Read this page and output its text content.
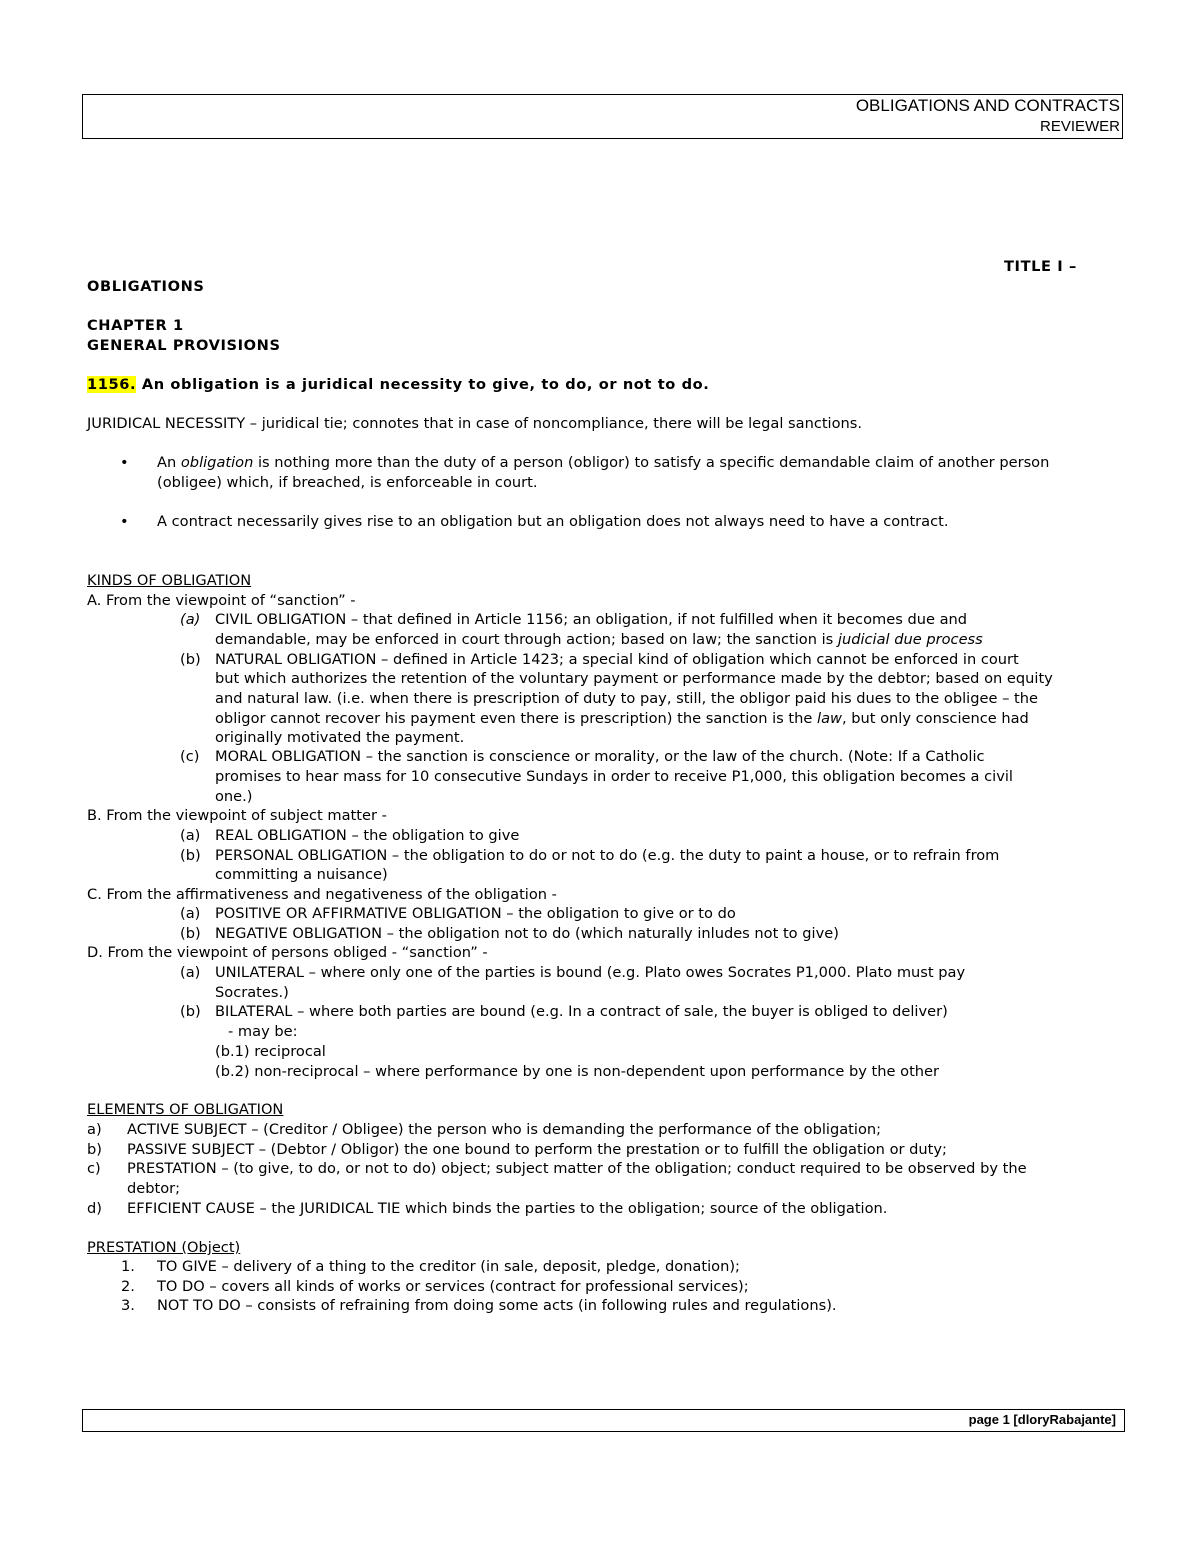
OBLIGATIONS AND CONTRACTS
REVIEWER
TITLE I –
OBLIGATIONS
CHAPTER 1
GENERAL PROVISIONS
1156. An obligation is a juridical necessity to give, to do, or not to do.
JURIDICAL NECESSITY – juridical tie; connotes that in case of noncompliance, there will be legal sanctions.
• An obligation is nothing more than the duty of a person (obligor) to satisfy a specific demandable claim of another person
(obligee) which, if breached, is enforceable in court.
• A contract necessarily gives rise to an obligation but an obligation does not always need to have a contract.
KINDS OF OBLIGATION
A. From the viewpoint of “sanction” -
(a) CIVIL OBLIGATION – that defined in Article 1156; an obligation, if not fulfilled when it becomes due and
demandable, may be enforced in court through action; based on law; the sanction is judicial due process
(b) NATURAL OBLIGATION – defined in Article 1423; a special kind of obligation which cannot be enforced in court
but which authorizes the retention of the voluntary payment or performance made by the debtor; based on equity
and natural law. (i.e. when there is prescription of duty to pay, still, the obligor paid his dues to the obligee – the
obligor cannot recover his payment even there is prescription) the sanction is the law, but only conscience had
originally motivated the payment.
(c) MORAL OBLIGATION – the sanction is conscience or morality, or the law of the church. (Note: If a Catholic
promises to hear mass for 10 consecutive Sundays in order to receive P1,000, this obligation becomes a civil
one.)
B. From the viewpoint of subject matter -
(a) REAL OBLIGATION – the obligation to give
(b) PERSONAL OBLIGATION – the obligation to do or not to do (e.g. the duty to paint a house, or to refrain from
committing a nuisance)
C. From the affirmativeness and negativeness of the obligation -
(a) POSITIVE OR AFFIRMATIVE OBLIGATION – the obligation to give or to do
(b) NEGATIVE OBLIGATION – the obligation not to do (which naturally inludes not to give)
D. From the viewpoint of persons obliged - “sanction” -
(a) UNILATERAL – where only one of the parties is bound (e.g. Plato owes Socrates P1,000. Plato must pay
Socrates.)
(b) BILATERAL – where both parties are bound (e.g. In a contract of sale, the buyer is obliged to deliver)
- may be:
(b.1) reciprocal
(b.2) non-reciprocal – where performance by one is non-dependent upon performance by the other
ELEMENTS OF OBLIGATION
a) ACTIVE SUBJECT – (Creditor / Obligee) the person who is demanding the performance of the obligation;
b) PASSIVE SUBJECT – (Debtor / Obligor) the one bound to perform the prestation or to fulfill the obligation or duty;
c) PRESTATION – (to give, to do, or not to do) object; subject matter of the obligation; conduct required to be observed by the
debtor;
d) EFFICIENT CAUSE – the JURIDICAL TIE which binds the parties to the obligation; source of the obligation.
PRESTATION (Object)
1. TO GIVE – delivery of a thing to the creditor (in sale, deposit, pledge, donation);
2. TO DO – covers all kinds of works or services (contract for professional services);
3. NOT TO DO – consists of refraining from doing some acts (in following rules and regulations).
page 1 [dloryRabajante]
